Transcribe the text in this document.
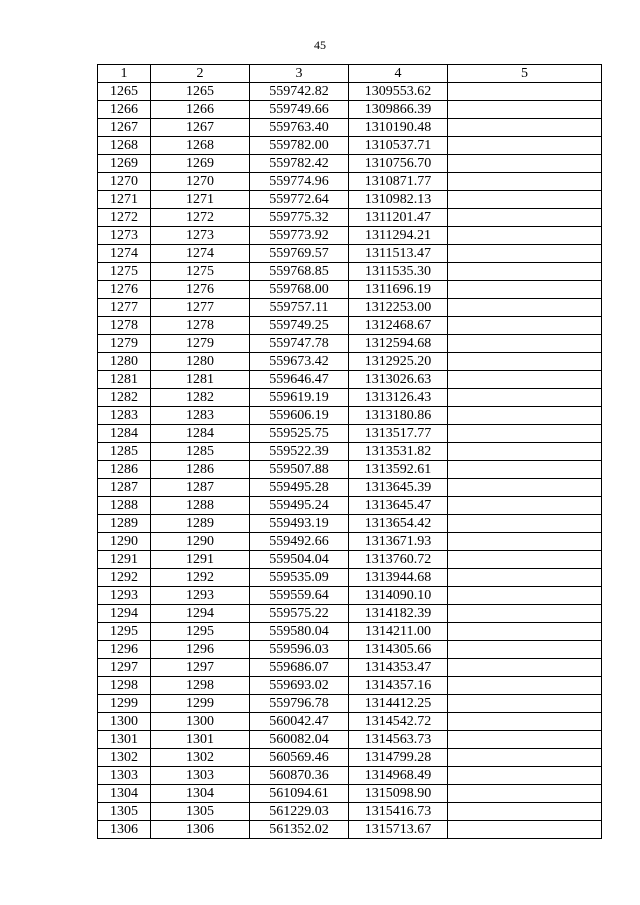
45
1	2	3	4	5
1265	1265	559742.82	1309553.62	
1266	1266	559749.66	1309866.39	
1267	1267	559763.40	1310190.48	
1268	1268	559782.00	1310537.71	
1269	1269	559782.42	1310756.70	
1270	1270	559774.96	1310871.77	
1271	1271	559772.64	1310982.13	
1272	1272	559775.32	1311201.47	
1273	1273	559773.92	1311294.21	
1274	1274	559769.57	1311513.47	
1275	1275	559768.85	1311535.30	
1276	1276	559768.00	1311696.19	
1277	1277	559757.11	1312253.00	
1278	1278	559749.25	1312468.67	
1279	1279	559747.78	1312594.68	
1280	1280	559673.42	1312925.20	
1281	1281	559646.47	1313026.63	
1282	1282	559619.19	1313126.43	
1283	1283	559606.19	1313180.86	
1284	1284	559525.75	1313517.77	
1285	1285	559522.39	1313531.82	
1286	1286	559507.88	1313592.61	
1287	1287	559495.28	1313645.39	
1288	1288	559495.24	1313645.47	
1289	1289	559493.19	1313654.42	
1290	1290	559492.66	1313671.93	
1291	1291	559504.04	1313760.72	
1292	1292	559535.09	1313944.68	
1293	1293	559559.64	1314090.10	
1294	1294	559575.22	1314182.39	
1295	1295	559580.04	1314211.00	
1296	1296	559596.03	1314305.66	
1297	1297	559686.07	1314353.47	
1298	1298	559693.02	1314357.16	
1299	1299	559796.78	1314412.25	
1300	1300	560042.47	1314542.72	
1301	1301	560082.04	1314563.73	
1302	1302	560569.46	1314799.28	
1303	1303	560870.36	1314968.49	
1304	1304	561094.61	1315098.90	
1305	1305	561229.03	1315416.73	
1306	1306	561352.02	1315713.67	
